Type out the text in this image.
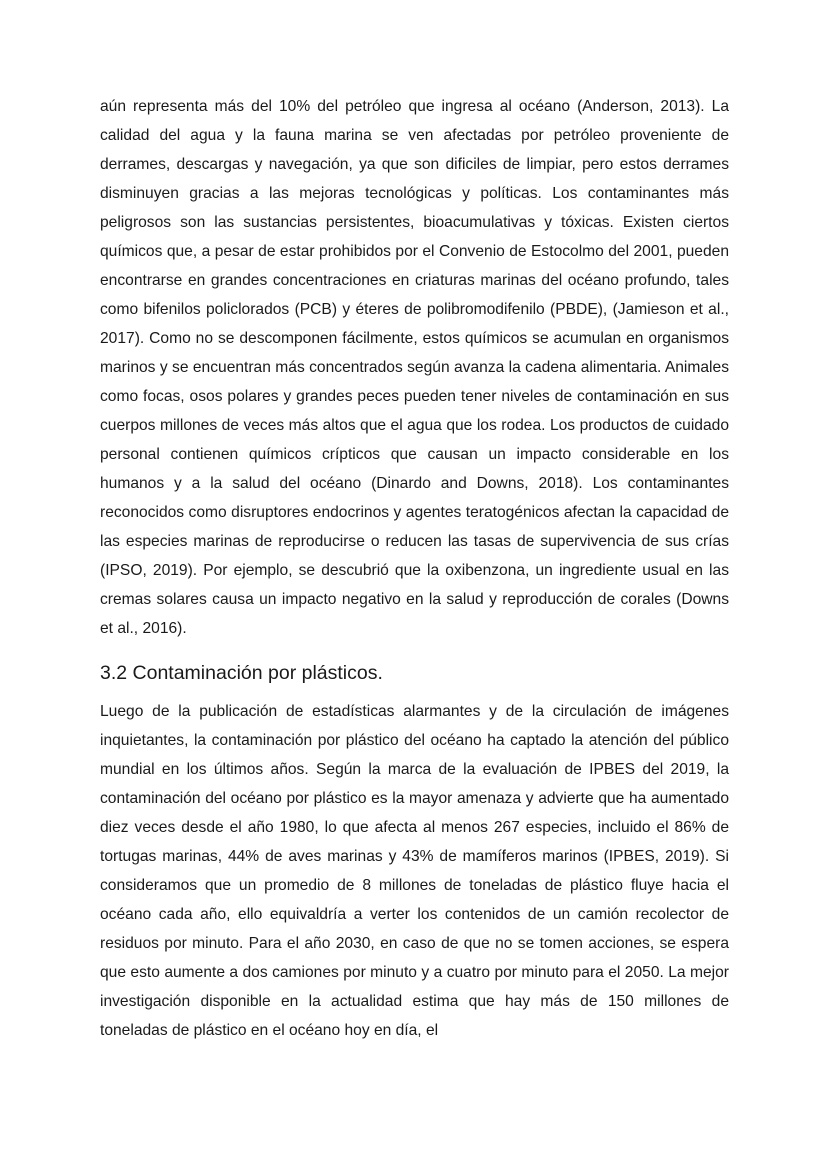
aún representa más del 10% del petróleo que ingresa al océano (Anderson, 2013). La calidad del agua y la fauna marina se ven afectadas por petróleo proveniente de derrames, descargas y navegación, ya que son dificiles de limpiar, pero estos derrames disminuyen gracias a las mejoras tecnológicas y políticas. Los contaminantes más peligrosos son las sustancias persistentes, bioacumulativas y tóxicas. Existen ciertos químicos que, a pesar de estar prohibidos por el Convenio de Estocolmo del 2001, pueden encontrarse en grandes concentraciones en criaturas marinas del océano profundo, tales como bifenilos policlorados (PCB) y éteres de polibromodifenilo (PBDE), (Jamieson et al., 2017). Como no se descomponen fácilmente, estos químicos se acumulan en organismos marinos y se encuentran más concentrados según avanza la cadena alimentaria. Animales como focas, osos polares y grandes peces pueden tener niveles de contaminación en sus cuerpos millones de veces más altos que el agua que los rodea. Los productos de cuidado personal contienen químicos crípticos que causan un impacto considerable en los humanos y a la salud del océano (Dinardo and Downs, 2018). Los contaminantes reconocidos como disruptores endocrinos y agentes teratogénicos afectan la capacidad de las especies marinas de reproducirse o reducen las tasas de supervivencia de sus crías (IPSO, 2019). Por ejemplo, se descubrió que la oxibenzona, un ingrediente usual en las cremas solares causa un impacto negativo en la salud y reproducción de corales (Downs et al., 2016).

3.2 Contaminación por plásticos.

Luego de la publicación de estadísticas alarmantes y de la circulación de imágenes inquietantes, la contaminación por plástico del océano ha captado la atención del público mundial en los últimos años. Según la marca de la evaluación de IPBES del 2019, la contaminación del océano por plástico es la mayor amenaza y advierte que ha aumentado diez veces desde el año 1980, lo que afecta al menos 267 especies, incluido el 86% de tortugas marinas, 44% de aves marinas y 43% de mamíferos marinos (IPBES, 2019). Si consideramos que un promedio de 8 millones de toneladas de plástico fluye hacia el océano cada año, ello equivaldría a verter los contenidos de un camión recolector de residuos por minuto. Para el año 2030, en caso de que no se tomen acciones, se espera que esto aumente a dos camiones por minuto y a cuatro por minuto para el 2050. La mejor investigación disponible en la actualidad estima que hay más de 150 millones de toneladas de plástico en el océano hoy en día, el
